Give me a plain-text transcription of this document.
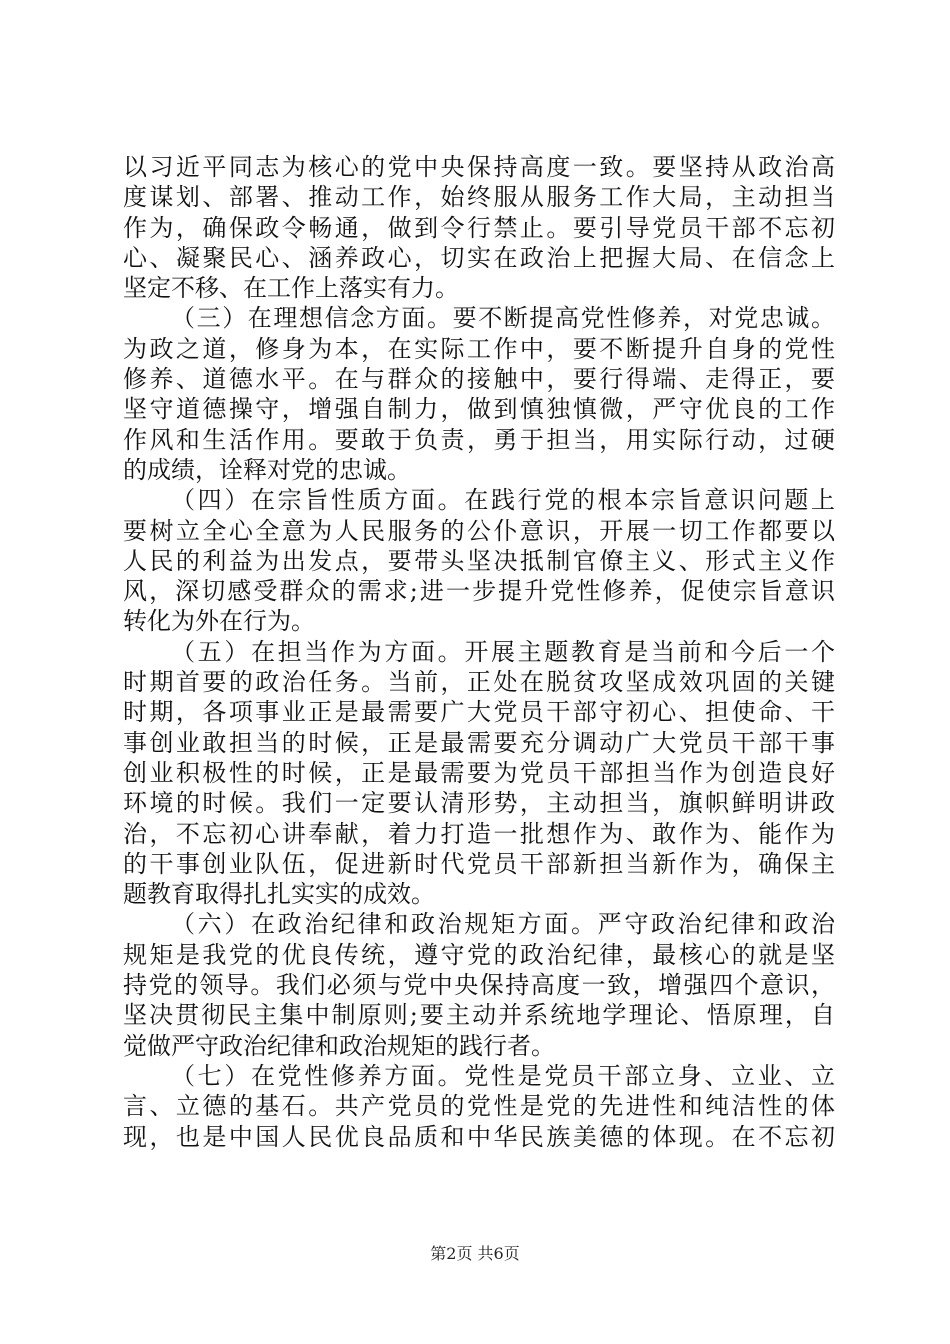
以习近平同志为核心的党中央保持高度一致。要坚持从政治高
度谋划、部署、推动工作，始终服从服务工作大局，主动担当
作为，确保政令畅通，做到令行禁止。要引导党员干部不忘初
心、凝聚民心、涵养政心，切实在政治上把握大局、在信念上
坚定不移、在工作上落实有力。
（三）在理想信念方面。要不断提高党性修养，对党忠诚。
为政之道，修身为本，在实际工作中，要不断提升自身的党性
修养、道德水平。在与群众的接触中，要行得端、走得正，要
坚守道德操守，增强自制力，做到慎独慎微，严守优良的工作
作风和生活作用。要敢于负责，勇于担当，用实际行动，过硬
的成绩，诠释对党的忠诚。
（四）在宗旨性质方面。在践行党的根本宗旨意识问题上
要树立全心全意为人民服务的公仆意识，开展一切工作都要以
人民的利益为出发点，要带头坚决抵制官僚主义、形式主义作
风，深切感受群众的需求;进一步提升党性修养，促使宗旨意识
转化为外在行为。
（五）在担当作为方面。开展主题教育是当前和今后一个
时期首要的政治任务。当前，正处在脱贫攻坚成效巩固的关键
时期，各项事业正是最需要广大党员干部守初心、担使命、干
事创业敢担当的时候，正是最需要充分调动广大党员干部干事
创业积极性的时候，正是最需要为党员干部担当作为创造良好
环境的时候。我们一定要认清形势，主动担当，旗帜鲜明讲政
治，不忘初心讲奉献，着力打造一批想作为、敢作为、能作为
的干事创业队伍，促进新时代党员干部新担当新作为，确保主
题教育取得扎扎实实的成效。
（六）在政治纪律和政治规矩方面。严守政治纪律和政治
规矩是我党的优良传统，遵守党的政治纪律，最核心的就是坚
持党的领导。我们必须与党中央保持高度一致，增强四个意识，
坚决贯彻民主集中制原则;要主动并系统地学理论、悟原理，自
觉做严守政治纪律和政治规矩的践行者。
（七）在党性修养方面。党性是党员干部立身、立业、立
言、立德的基石。共产党员的党性是党的先进性和纯洁性的体
现，也是中国人民优良品质和中华民族美德的体现。在不忘初
第2页 共6页
